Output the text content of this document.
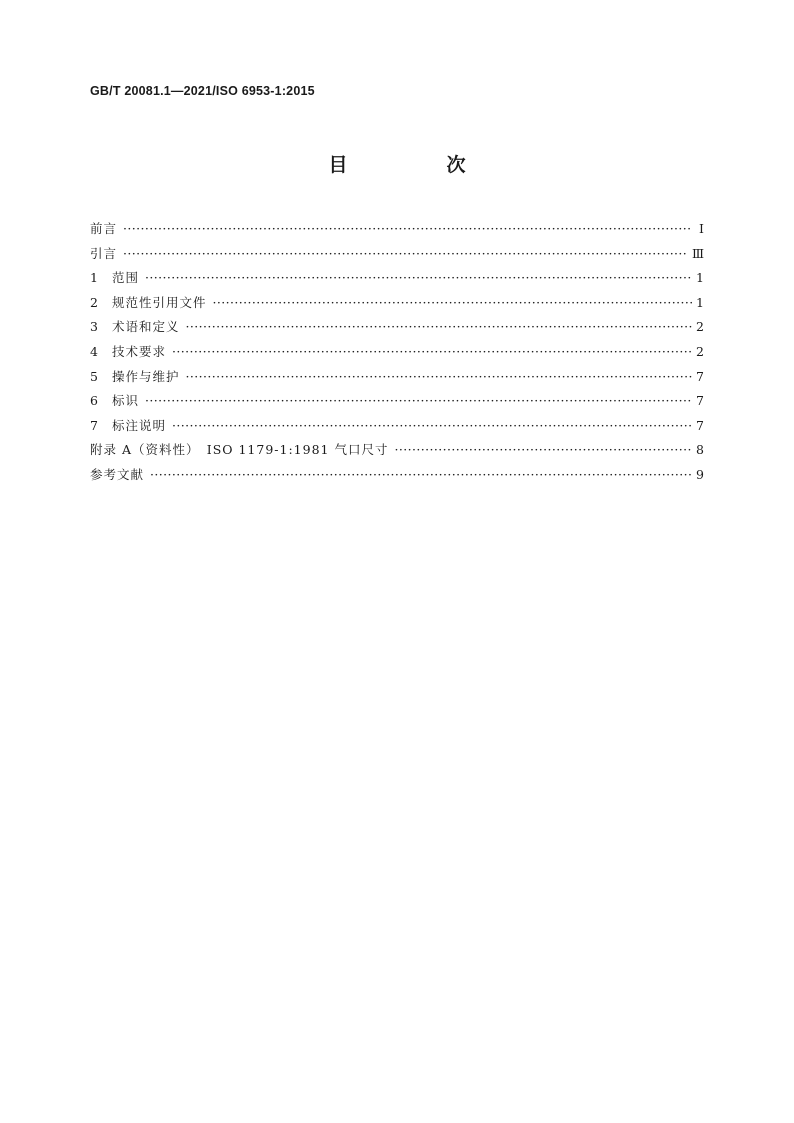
GB/T 20081.1—2021/ISO 6953-1:2015
目　次
前言 ·····	Ⅰ
引言 ·····	Ⅲ
1	范围 ·····	1
2	规范性引用文件 ·····	1
3	术语和定义 ·····	2
4	技术要求 ·····	2
5	操作与维护 ·····	7
6	标识 ·····	7
7	标注说明 ·····	7
附录 A（资料性）　ISO 1179-1:1981 气口尺寸 ·····	8
参考文献 ·····	9
